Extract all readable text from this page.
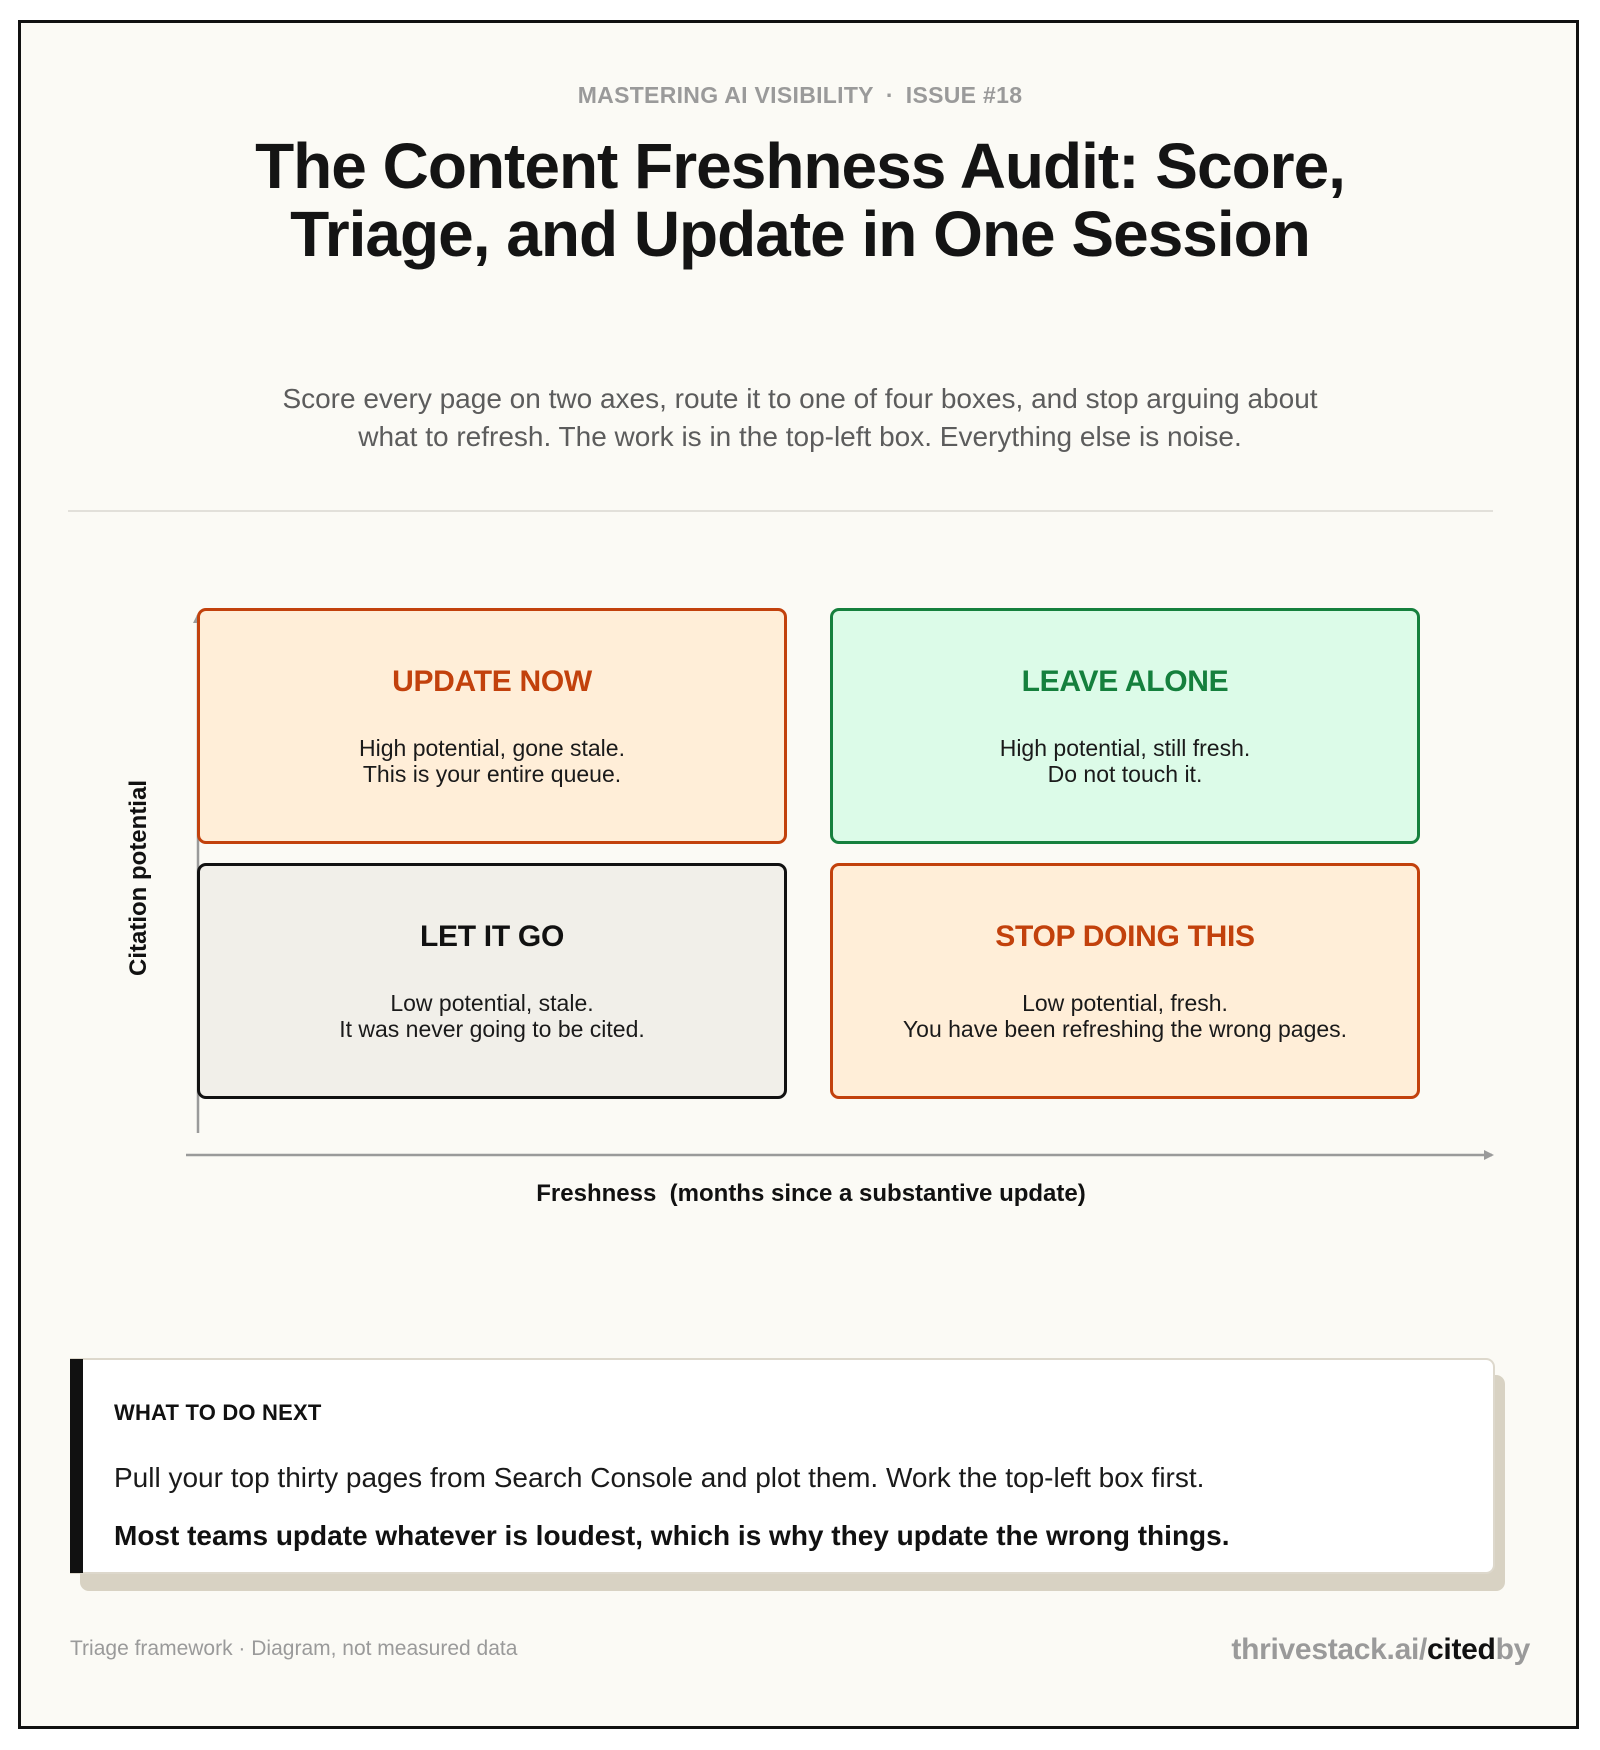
MASTERING AI VISIBILITY · ISSUE #18
The Content Freshness Audit: Score,
Triage, and Update in One Session
Score every page on two axes, route it to one of four boxes, and stop arguing about
what to refresh. The work is in the top-left box. Everything else is noise.
Citation potential
Freshness  (months since a substantive update)
UPDATE NOW
High potential, gone stale.
This is your entire queue.
LEAVE ALONE
High potential, still fresh.
Do not touch it.
LET IT GO
Low potential, stale.
It was never going to be cited.
STOP DOING THIS
Low potential, fresh.
You have been refreshing the wrong pages.
WHAT TO DO NEXT
Pull your top thirty pages from Search Console and plot them. Work the top-left box first.
Most teams update whatever is loudest, which is why they update the wrong things.
Triage framework · Diagram, not measured data	thrivestack.ai/citedby
